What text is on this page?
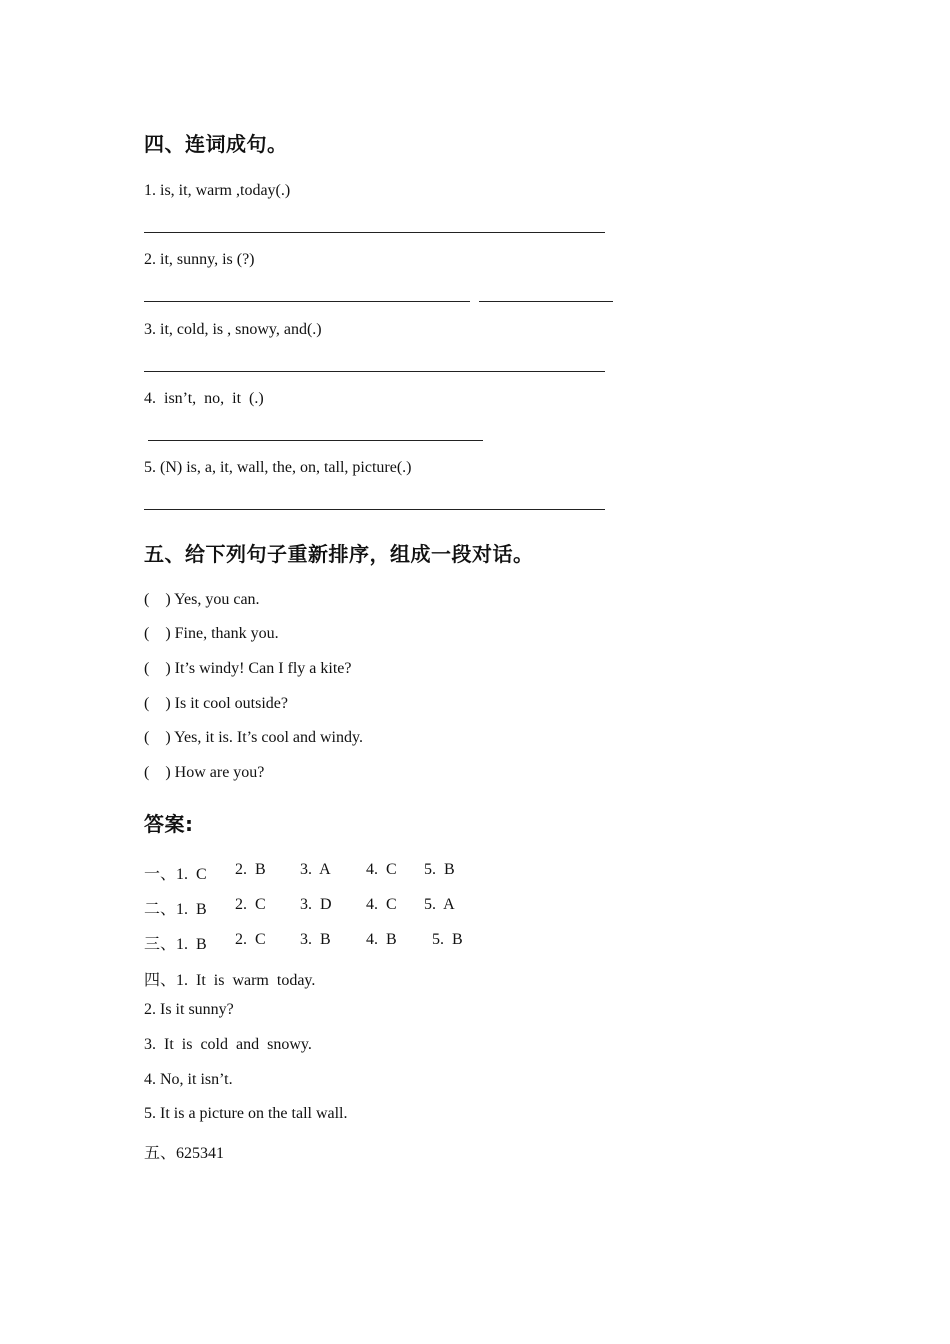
四、连词成句。
1. is, it, warm ,today(.)
2. it, sunny, is (?)
3. it, cold, is , snowy, and(.)
4.  isn’t,  no,  it  (.)
5. (N) is, a, it, wall, the, on, tall, picture(.)
五、给下列句子重新排序，组成一段对话。
(    ) Yes, you can.
(    ) Fine, thank you.
(    ) It’s windy! Can I fly a kite?
(    ) Is it cool outside?
(    ) Yes, it is. It’s cool and windy.
(    ) How are you?
答案:
一、1.  C 2.  B 3.  A 4.  C 5.  B
二、1.  B 2.  C 3.  D 4.  C 5.  A
三、1.  B 2.  C 3.  B 4.  B 5.  B
四、1.  It  is  warm  today.
2. Is it sunny?
3.  It  is  cold  and  snowy.
4. No, it isn’t.
5. It is a picture on the tall wall.
五、625341
